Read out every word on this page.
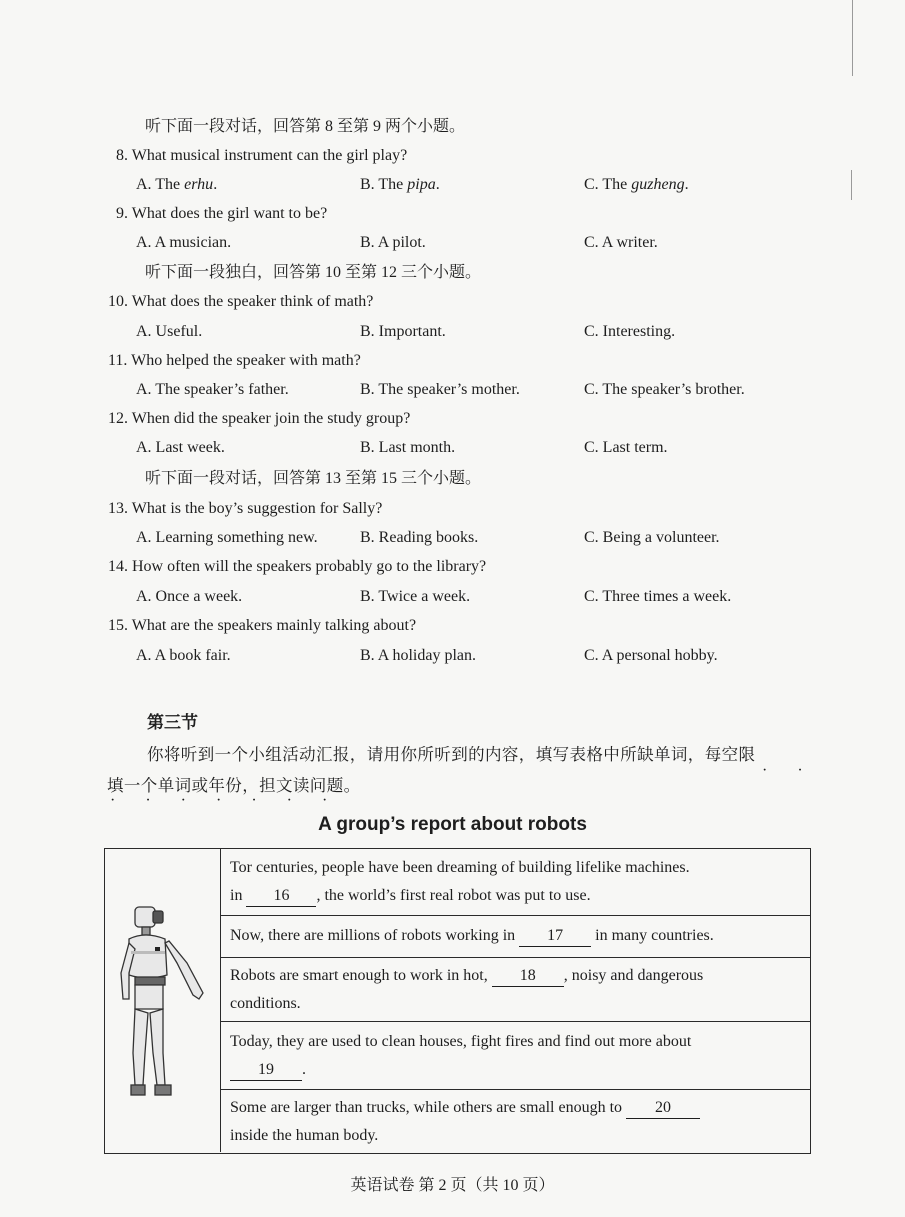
听下面一段对话，回答第 8 至第 9 两个小题。
8. What musical instrument can the girl play?
A. The erhu.	B. The pipa.	C. The guzheng.
9. What does the girl want to be?
A. A musician.	B. A pilot.	C. A writer.
听下面一段独白，回答第 10 至第 12 三个小题。
10. What does the speaker think of math?
A. Useful.	B. Important.	C. Interesting.
11. Who helped the speaker with math?
A. The speaker’s father.	B. The speaker’s mother.	C. The speaker’s brother.
12. When did the speaker join the study group?
A. Last week.	B. Last month.	C. Last term.
听下面一段对话，回答第 13 至第 15 三个小题。
13. What is the boy’s suggestion for Sally?
A. Learning something new.	B. Reading books.	C. Being a volunteer.
14. How often will the speakers probably go to the library?
A. Once a week.	B. Twice a week.	C. Three times a week.
15. What are the speakers mainly talking about?
A. A book fair.	B. A holiday plan.	C. A personal hobby.
第三节
你将听到一个小组活动汇报，请用你所听到的内容，填写表格中所缺单词，每空限
· ·
填一个单词或年份，担文读问题。
· · · · · · ·
A group’s report about robots
Tor centuries, people have been dreaming of building lifelike machines.
in 16 , the world’s first real robot was put to use.
Now, there are millions of robots working in 17 in many countries.
Robots are smart enough to work in hot, 18 , noisy and dangerous
conditions.
Today, they are used to clean houses, fight fires and find out more about
19 .
Some are larger than trucks, while others are small enough to 20
inside the human body.
英语试卷 第 2 页（共 10 页）
